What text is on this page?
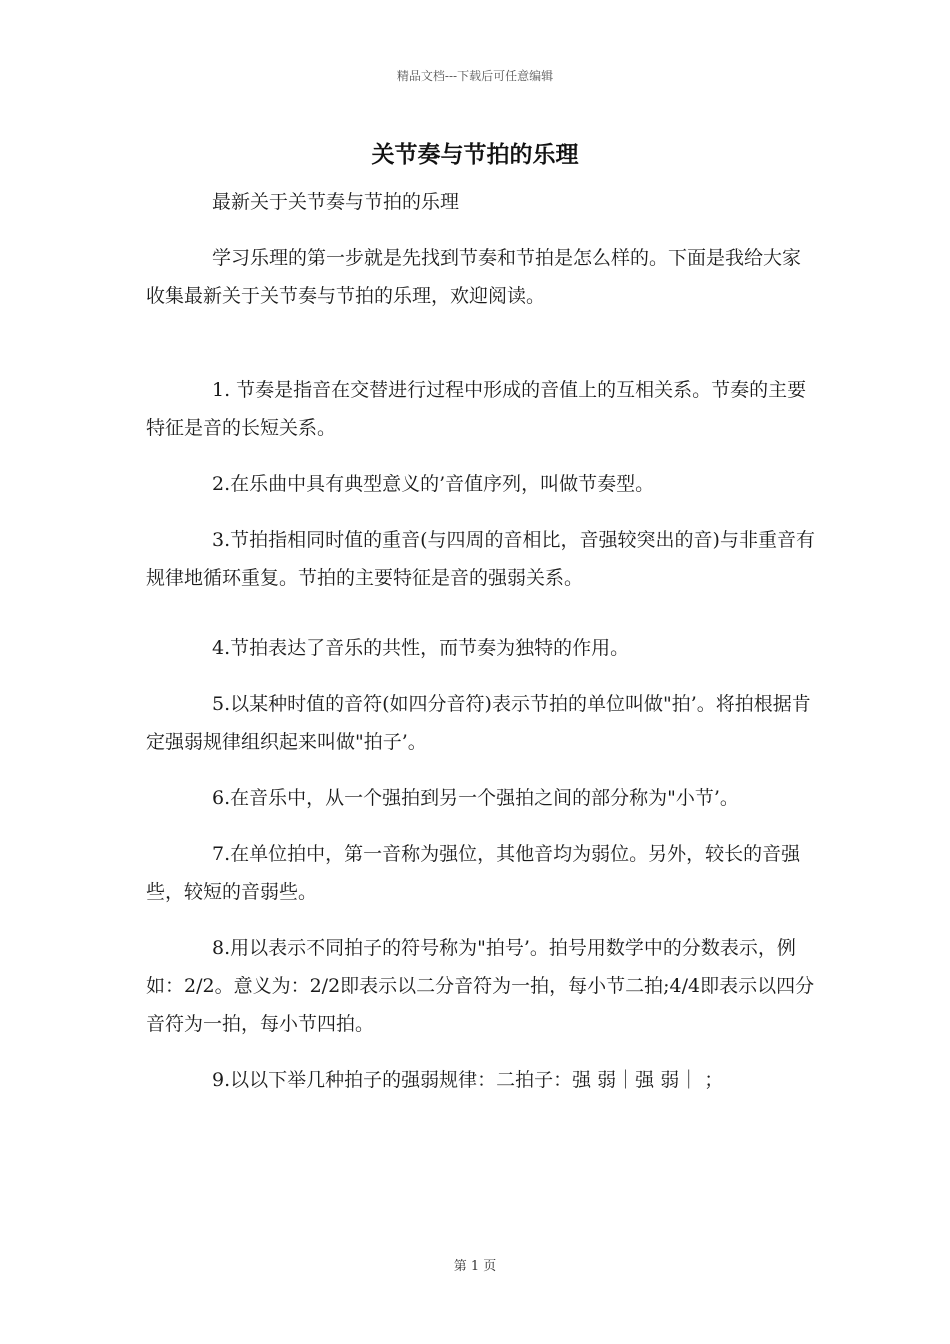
精品文档---下载后可任意编辑
关节奏与节拍的乐理

最新关于关节奏与节拍的乐理

学习乐理的第一步就是先找到节奏和节拍是怎么样的。下面是我给大家收集最新关于关节奏与节拍的乐理，欢迎阅读。

1. 节奏是指音在交替进行过程中形成的音值上的互相关系。节奏的主要特征是音的长短关系。

2.在乐曲中具有典型意义的’音值序列，叫做节奏型。

3.节拍指相同时值的重音(与四周的音相比，音强较突出的音)与非重音有规律地循环重复。节拍的主要特征是音的强弱关系。

4.节拍表达了音乐的共性，而节奏为独特的作用。

5.以某种时值的音符(如四分音符)表示节拍的单位叫做"拍’。将拍根据肯定强弱规律组织起来叫做"拍子’。

6.在音乐中，从一个强拍到另一个强拍之间的部分称为"小节’。

7.在单位拍中，第一音称为强位，其他音均为弱位。另外，较长的音强些，较短的音弱些。

8.用以表示不同拍子的符号称为"拍号’。拍号用数学中的分数表示，例如：2/2。意义为：2/2即表示以二分音符为一拍，每小节二拍;4/4即表示以四分音符为一拍，每小节四拍。

9.以以下举几种拍子的强弱规律：二拍子：强 弱｜强 弱｜ ；

第 1 页
